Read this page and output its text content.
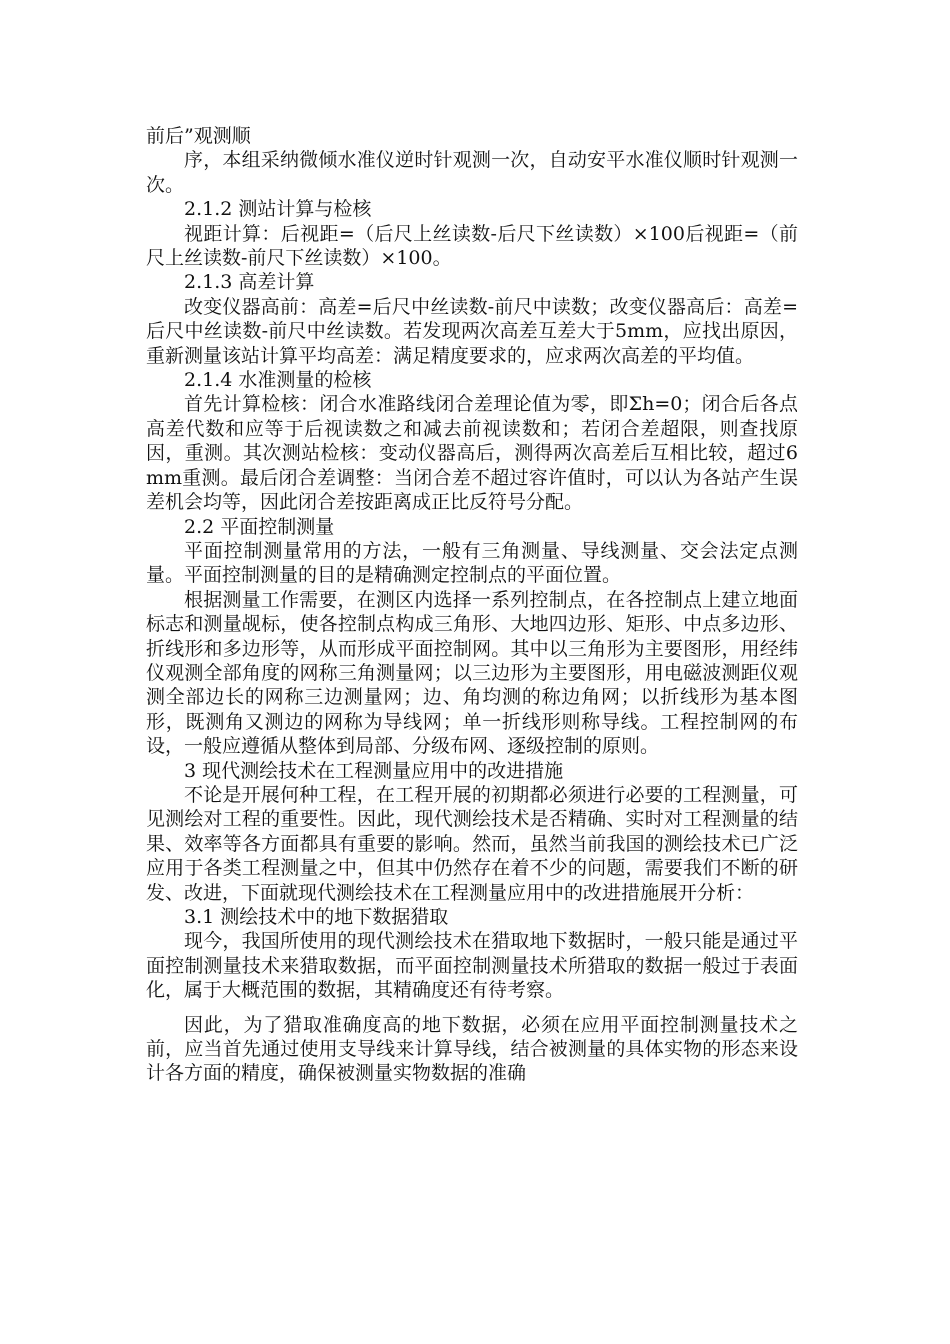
前后”观测顺

序，本组采纳微倾水准仪逆时针观测一次，自动安平水准仪顺时针观测一次。

2.1.2 测站计算与检核

视距计算：后视距=（后尺上丝读数-后尺下丝读数）×100后视距=（前尺上丝读数-前尺下丝读数）×100。

2.1.3 高差计算

改变仪器高前：高差=后尺中丝读数-前尺中读数；改变仪器高后：高差=后尺中丝读数-前尺中丝读数。若发现两次高差互差大于5mm，应找出原因，重新测量该站计算平均高差：满足精度要求的，应求两次高差的平均值。

2.1.4 水准测量的检核

首先计算检核：闭合水准路线闭合差理论值为零，即Σh=0；闭合后各点高差代数和应等于后视读数之和减去前视读数和；若闭合差超限，则查找原因，重测。其次测站检核：变动仪器高后，测得两次高差后互相比较，超过6mm重测。最后闭合差调整：当闭合差不超过容许值时，可以认为各站产生误差机会均等，因此闭合差按距离成正比反符号分配。

2.2 平面控制测量

平面控制测量常用的方法，一般有三角测量、导线测量、交会法定点测量。平面控制测量的目的是精确测定控制点的平面位置。

根据测量工作需要，在测区内选择一系列控制点，在各控制点上建立地面标志和测量觇标，使各控制点构成三角形、大地四边形、矩形、中点多边形、折线形和多边形等，从而形成平面控制网。其中以三角形为主要图形，用经纬仪观测全部角度的网称三角测量网；以三边形为主要图形，用电磁波测距仪观测全部边长的网称三边测量网；边、角均测的称边角网；以折线形为基本图形，既测角又测边的网称为导线网；单一折线形则称导线。工程控制网的布设，一般应遵循从整体到局部、分级布网、逐级控制的原则。

3 现代测绘技术在工程测量应用中的改进措施

不论是开展何种工程，在工程开展的初期都必须进行必要的工程测量，可见测绘对工程的重要性。因此，现代测绘技术是否精确、实时对工程测量的结果、效率等各方面都具有重要的影响。然而，虽然当前我国的测绘技术已广泛应用于各类工程测量之中，但其中仍然存在着不少的问题，需要我们不断的研发、改进，下面就现代测绘技术在工程测量应用中的改进措施展开分析：

3.1 测绘技术中的地下数据猎取

现今，我国所使用的现代测绘技术在猎取地下数据时，一般只能是通过平面控制测量技术来猎取数据，而平面控制测量技术所猎取的数据一般过于表面化，属于大概范围的数据，其精确度还有待考察。

因此，为了猎取准确度高的地下数据，必须在应用平面控制测量技术之前，应当首先通过使用支导线来计算导线，结合被测量的具体实物的形态来设计各方面的精度，确保被测量实物数据的准确
